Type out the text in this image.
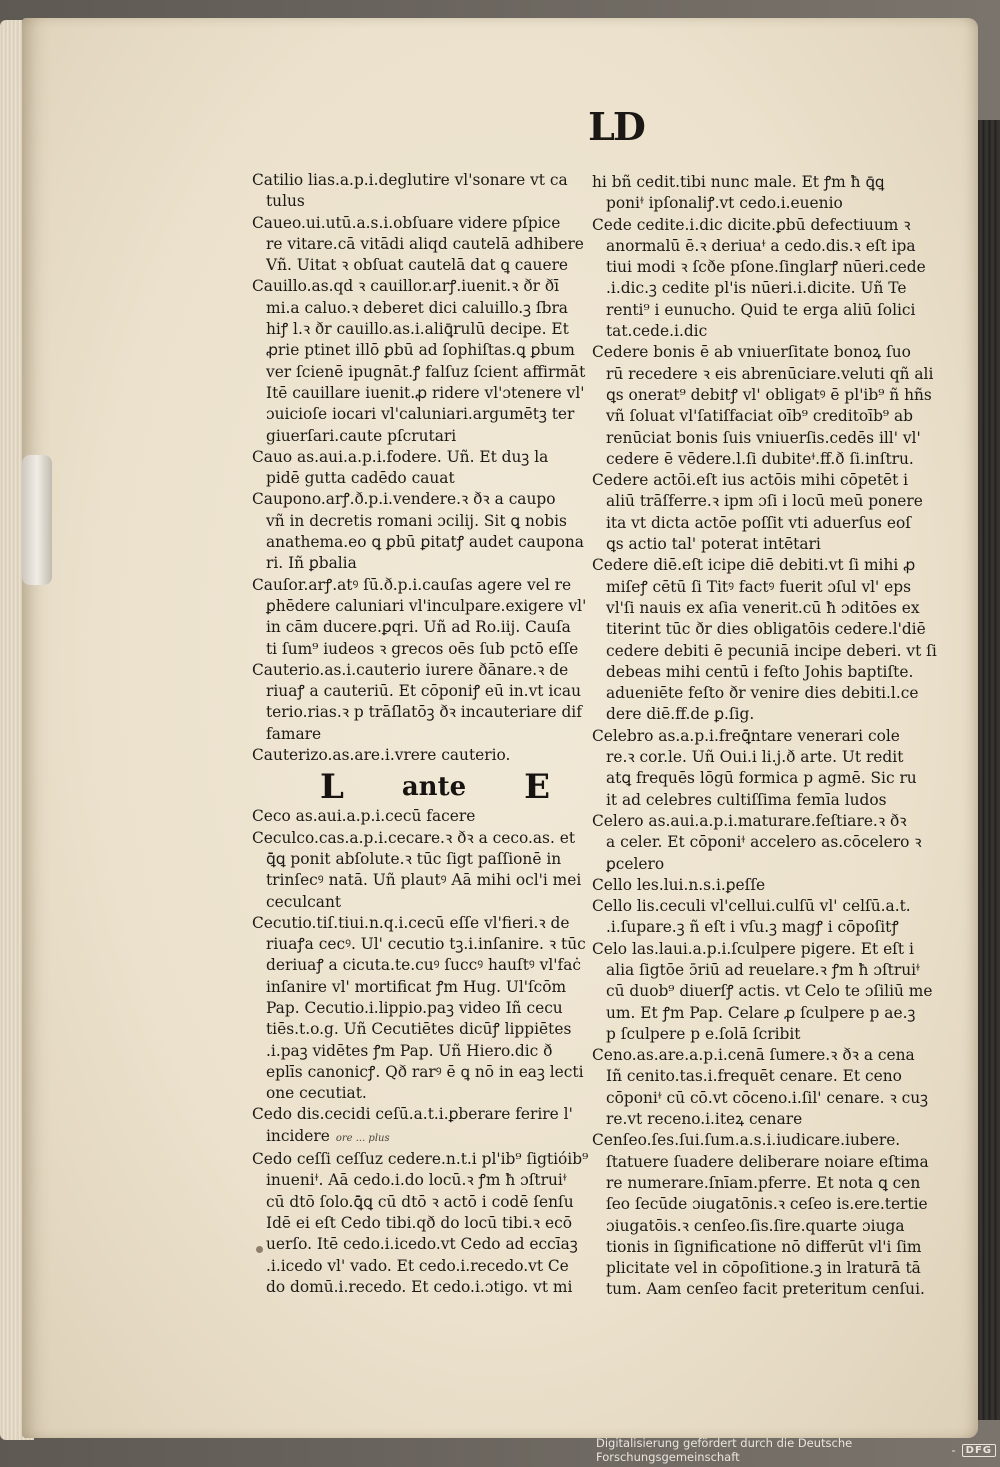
LD

Catilio lias.a.p.i.deglutire vl'sonare vt ca

tulus

Caueo.ui.utū.a.s.i.obſuare videre pſpice

re vitare.cā vitādi aliqd cautelā adhibere

Vñ. Uitat ꝛ obſuat cautelā dat ꝗ cauere

Cauillo.as.qd ꝛ cauillor.arꝭ.iuenit.ꝛ ðr ðī

mi.a caluo.ꝛ deberet dici caluillo.ꝫ ſbra

hiꝭ l.ꝛ ðr cauillo.as.i.aliꝗ̄rulū decipe. Et

ꝓrie ptinet illō ꝑbū ad ſophiſtas.ꝗ ꝑbum

ver ſcienē ipugnāt.ꝭ falſuz ſcient affirmāt

Itē cauillare iuenit.ꝓ ridere vl'ɔtenere vl'

ɔuicioſe iocari vl'caluniari.argumētꝫ ter

giuerſari.caute pſcrutari

Cauo as.aui.a.p.i.fodere. Uñ. Et duꝫ la

pidē gutta cadēdo cauat

Caupono.arꝭ.ð.p.i.vendere.ꝛ ðꝛ a caupo

vñ in decretis romani ɔcilij. Sit ꝗ nobis

anathema.eo ꝗ ꝑbū ꝑitatꝭ audet caupona

ri. Iñ ꝑbalia

Cauſor.arꝭ.atꝰ ſū.ð.p.i.cauſas agere vel re

ꝑhēdere caluniari vl'inculpare.exigere vl'

in cām ducere.ꝑqri. Uñ ad Ro.iij. Cauſa

ti ſum⁹ iudeos ꝛ grecos oēs ſub pctō eſſe

Cauterio.as.i.cauterio iurere ðānare.ꝛ de

riuaꝭ a cauteriū. Et cōponiꝭ eū in.vt icau

terio.rias.ꝛ p trāſlatōꝫ ðꝛ incauteriare dif

famare

Cauterizo.as.are.i.vrere cauterio.

L ante E

Ceco as.aui.a.p.i.cecū facere

Ceculco.cas.a.p.i.cecare.ꝛ ðꝛ a ceco.as. et

ꝗ̄ꝗ ponit abſolute.ꝛ tūc ſigt paſſionē in

trinſecꝰ natā. Uñ plautꝰ Aā mihi ocl'i mei

ceculcant

Cecutio.tiſ.tiui.n.q.i.cecū eſſe vl'fieri.ꝛ de

riuaꝭa cecꝰ. Ul' cecutio tꝫ.i.inſanire. ꝛ tūc

deriuaꝭ a cicuta.te.cuꝰ ſuccꝰ hauſtꝰ vl'faċ

inſanire vl' mortificat ꝭm Hug. Ul'ſcōm

Pap. Cecutio.i.lippio.paꝫ video Iñ cecu

tiēs.t.o.g. Uñ Cecutiētes dicūꝭ lippiētes

.i.paꝫ vidētes ꝭm Pap. Uñ Hiero.dic ð

eplīs canonicꝭ. Qð rarꝰ ē ꝗ nō in eaꝫ lecti

one cecutiat.

Cedo dis.cecidi ceſū.a.t.i.ꝑberare ferire l'

incidere ore ... plus

Cedo ceſſi ceſſuz cedere.n.t.i pl'ib⁹ ſigtióib⁹

inueniꭞ. Aā cedo.i.do locū.ꝛ ꝭm ħ ɔſtruiꭞ

cū dtō ſolo.ꝗ̄ꝗ cū dtō ꝛ actō i codē ſenſu

Idē ei eſt Cedo tibi.qð do locū tibi.ꝛ ecō

uerſo. Itē cedo.i.icedo.vt Cedo ad eccīaꝫ

.i.icedo vl' vado. Et cedo.i.recedo.vt Ce

do domū.i.recedo. Et cedo.i.ɔtigo. vt mi

hi bñ cedit.tibi nunc male. Et ꝭm ħ ꝗ̄ꝗ

poniꭞ ipſonaliꝭ.vt cedo.i.euenio

Cede cedite.i.dic dicite.ꝑbū defectiuum ꝛ

anormalū ē.ꝛ deriuaꭞ a cedo.dis.ꝛ eſt ipa

tiui modi ꝛ ſcðe pſone.ſinglarꝭ nūeri.cede

.i.dic.ꝫ cedite pl'is nūeri.i.dicite. Uñ Te

renti⁹ i eunucho. Quid te erga aliū ſolici

tat.cede.i.dic

Cedere bonis ē ab vniuerſitate bonoꝝ ſuo

rū recedere ꝛ eis abrenūciare.veluti qñ ali

ꝗs onerat⁹ debitꝭ vl' obligatꝰ ē pl'ib⁹ ñ hñs

vñ ſoluat vl'ſatiſfaciat oīb⁹ creditoīb⁹ ab

renūciat bonis ſuis vniuerſis.cedēs ill' vl'

cedere ē vēdere.l.ſi dubiteꭞ.ff.ð ſi.inſtru.

Cedere actōi.eſt ius actōis mihi cōpetēt i

aliū trāſferre.ꝛ ipm ɔſi i locū meū ponere

ita vt dicta actōe poſſit vti aduerſus eoſ

ꝗs actio tal' poterat intētari

Cedere diē.eſt icipe diē debiti.vt ſi mihi ꝓ

miſeꝭ cētū ſi Titꝰ factꝰ fuerit ɔſul vl' eps

vl'ſi nauis ex aſia venerit.cū ħ ɔditōes ex

titerint tūc ðr dies obligatōis cedere.l'diē

cedere debiti ē pecuniā incipe deberi. vt ſi

debeas mihi centū i feſto Johis baptiſte.

adueniēte feſto ðr venire dies debiti.l.ce

dere diē.ff.de ꝑ.ſig.

Celebro as.a.p.i.freꝗ̄ntare venerari cole

re.ꝛ cor.le. Uñ Oui.i li.j.ð arte. Ut redit

atꝗ frequēs lōgū formica p agmē. Sic ru

it ad celebres cultiſſima femīa ludos

Celero as.aui.a.p.i.maturare.feſtiare.ꝛ ðꝛ

a celer. Et cōponiꭞ accelero as.cōcelero ꝛ

ꝑcelero

Cello les.lui.n.s.i.ꝑeſſe

Cello lis.ceculi vl'cellui.culſū vl' celſū.a.t.

.i.ſupare.ꝫ ñ eſt i vſu.ꝫ magꝭ i cōpoſitꝭ

Celo las.laui.a.p.i.ſculpere pigere. Et eſt i

alia ſigtōe ɔ̄riū ad reuelare.ꝛ ꝭm ħ ɔſtruiꭞ

cū duob⁹ diuerſꝭ actis. vt Celo te ɔſiliū me

um. Et ꝭm Pap. Celare ꝓ ſculpere p ae.ꝫ

p ſculpere p e.ſolā ſcribit

Ceno.as.are.a.p.i.cenā ſumere.ꝛ ðꝛ a cena

Iñ cenito.tas.i.frequēt cenare. Et ceno

cōponiꭞ cū cō.vt cōceno.i.ſil' cenare. ꝛ cuꝫ

re.vt receno.i.iteꝝ cenare

Cenſeo.ſes.ſui.ſum.a.s.i.iudicare.iubere.

ſtatuere ſuadere deliberare noiare eſtima

re numerare.ſnīam.pferre. Et nota ꝗ cen

ſeo ſecūde ɔiugatōnis.ꝛ ceſeo is.ere.tertie

ɔiugatōis.ꝛ cenſeo.ſis.ſire.quarte ɔiuga

tionis in ſignificatione nō differūt vl'i ſim

plicitate vel in cōpoſitione.ꝫ in lraturā tā

tum. Aam cenſeo facit preteritum cenſui.

Digitalisierung gefördert durch die Deutsche Forschungsgemeinschaft	-	DFG
